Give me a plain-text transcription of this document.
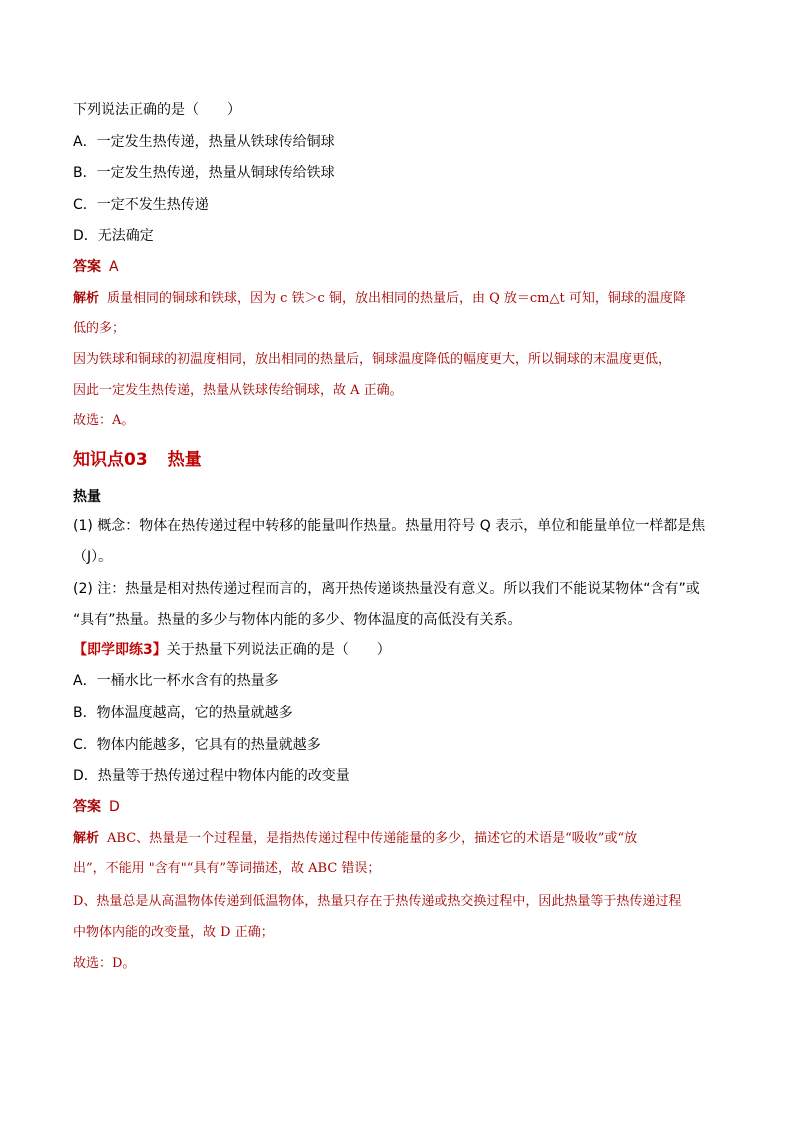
下列说法正确的是（　　）
A．一定发生热传递，热量从铁球传给铜球
B．一定发生热传递，热量从铜球传给铁球
C．一定不发生热传递
D．无法确定
答案 A
解析 质量相同的铜球和铁球，因为 c 铁＞c 铜，放出相同的热量后，由 Q 放＝cm△t 可知，铜球的温度降
低的多；
因为铁球和铜球的初温度相同，放出相同的热量后，铜球温度降低的幅度更大，所以铜球的末温度更低，
因此一定发生热传递，热量从铁球传给铜球，故 A 正确。
故选：A。
知识点03 热量
热量
(1) 概念：物体在热传递过程中转移的能量叫作热量。热量用符号 Q 表示，单位和能量单位一样都是焦
（J）。
(2) 注：热量是相对热传递过程而言的，离开热传递谈热量没有意义。所以我们不能说某物体“含有”或
“具有”热量。热量的多少与物体内能的多少、物体温度的高低没有关系。
【即学即练3】关于热量下列说法正确的是（　　）
A．一桶水比一杯水含有的热量多
B．物体温度越高，它的热量就越多
C．物体内能越多，它具有的热量就越多
D．热量等于热传递过程中物体内能的改变量
答案 D
解析 ABC、热量是一个过程量，是指热传递过程中传递能量的多少，描述它的术语是“吸收”或“放
出”，不能用 "含有"“具有”等词描述，故 ABC 错误；
D、热量总是从高温物体传递到低温物体，热量只存在于热传递或热交换过程中，因此热量等于热传递过程
中物体内能的改变量，故 D 正确；
故选：D。
